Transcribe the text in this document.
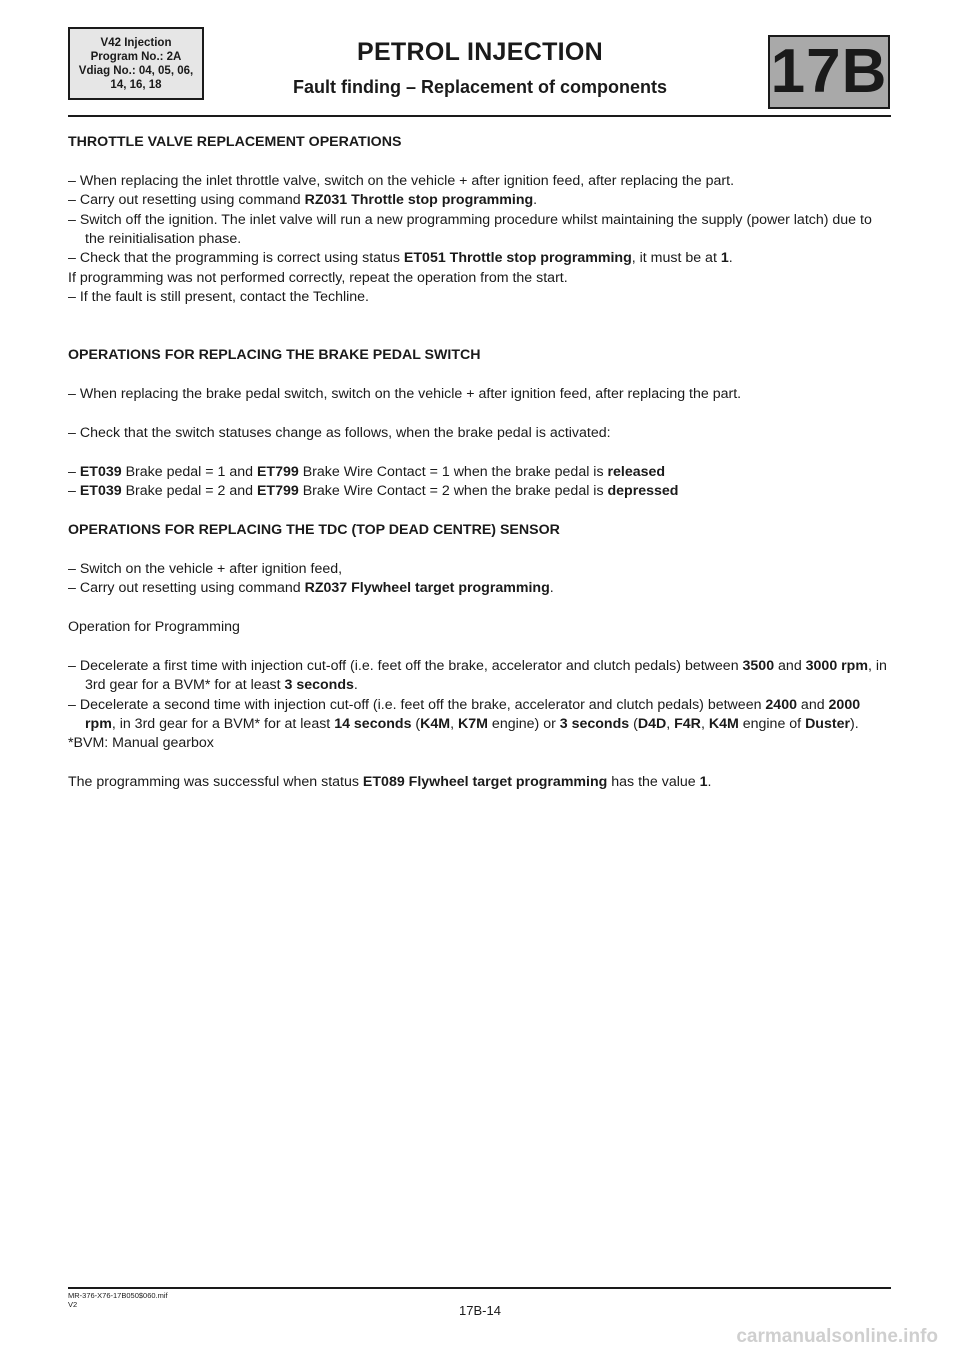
V42 Injection
Program No.: 2A
Vdiag No.: 04, 05, 06,
14, 16, 18
PETROL INJECTION
Fault finding – Replacement of components	17B

THROTTLE VALVE REPLACEMENT OPERATIONS

– When replacing the inlet throttle valve, switch on the vehicle + after ignition feed, after replacing the part.

– Carry out resetting using command RZ031 Throttle stop programming.

– Switch off the ignition. The inlet valve will run a new programming procedure whilst maintaining the supply (power latch) due to the reinitialisation phase.

– Check that the programming is correct using status ET051 Throttle stop programming, it must be at 1.

If programming was not performed correctly, repeat the operation from the start.

– If the fault is still present, contact the Techline.

OPERATIONS FOR REPLACING THE BRAKE PEDAL SWITCH

– When replacing the brake pedal switch, switch on the vehicle + after ignition feed, after replacing the part.

– Check that the switch statuses change as follows, when the brake pedal is activated:

– ET039 Brake pedal = 1 and ET799 Brake Wire Contact = 1 when the brake pedal is released

– ET039 Brake pedal = 2 and ET799 Brake Wire Contact = 2 when the brake pedal is depressed

OPERATIONS FOR REPLACING THE TDC (TOP DEAD CENTRE) SENSOR

– Switch on the vehicle + after ignition feed,

– Carry out resetting using command RZ037 Flywheel target programming.

Operation for Programming

– Decelerate a first time with injection cut-off (i.e. feet off the brake, accelerator and clutch pedals) between 3500 and 3000 rpm, in 3rd gear for a BVM* for at least 3 seconds.

– Decelerate a second time with injection cut-off (i.e. feet off the brake, accelerator and clutch pedals) between 2400 and 2000 rpm, in 3rd gear for a BVM* for at least 14 seconds (K4M, K7M engine) or 3 seconds (D4D, F4R, K4M engine of Duster).

*BVM: Manual gearbox

The programming was successful when status ET089 Flywheel target programming has the value 1.

MR-376-X76-17B050$060.mif
V2	17B-14
carmanualsonline.info
